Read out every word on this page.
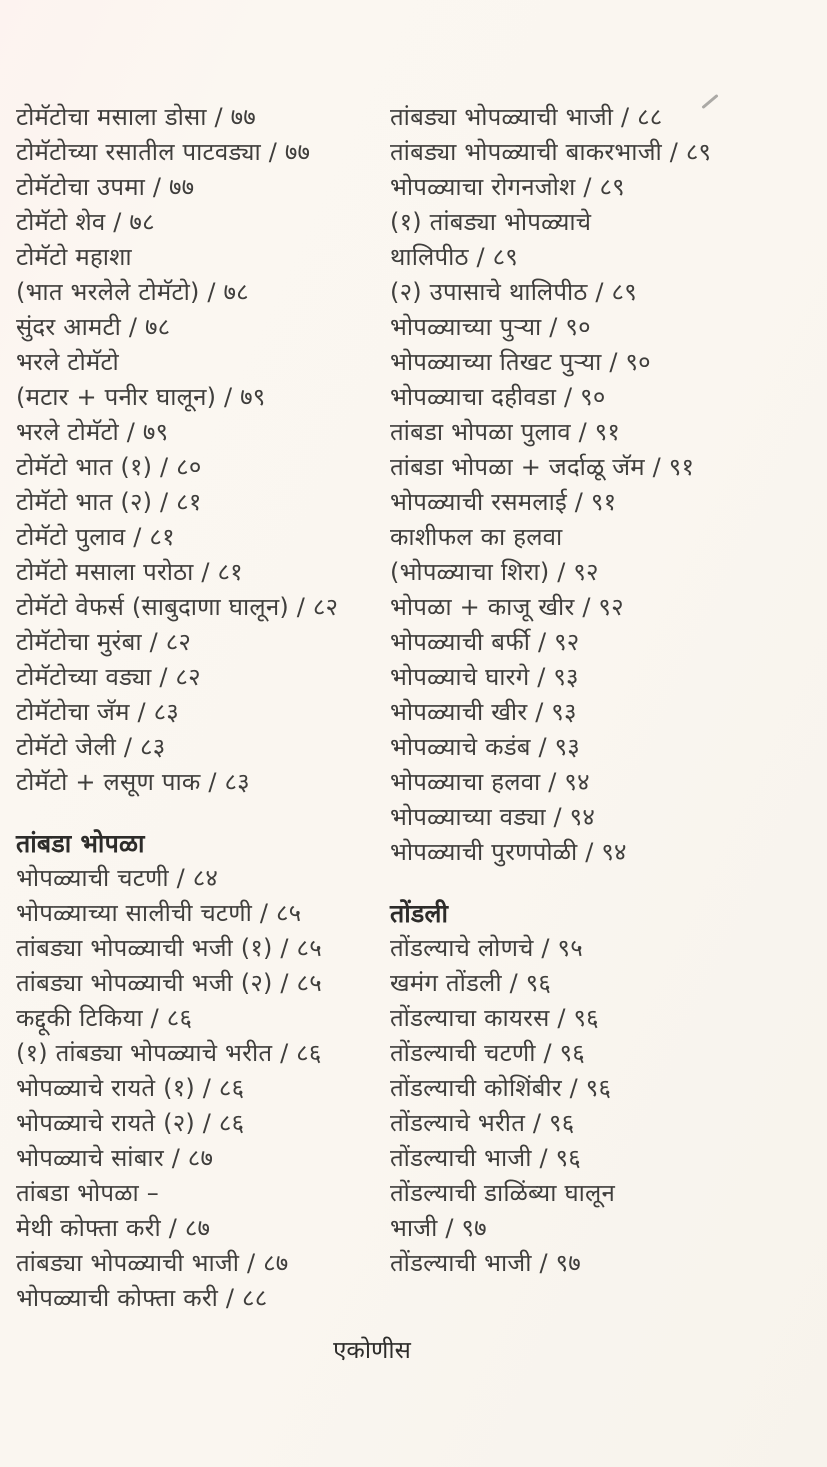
टोमॅटोचा मसाला डोसा / ७७
टोमॅटोच्या रसातील पाटवड्या / ७७
टोमॅटोचा उपमा / ७७
टोमॅटो शेव / ७८
टोमॅटो महाशा
(भात भरलेले टोमॅटो) / ७८
सुंदर आमटी / ७८
भरले टोमॅटो
(मटार + पनीर घालून) / ७९
भरले टोमॅटो / ७९
टोमॅटो भात (१) / ८०
टोमॅटो भात (२) / ८१
टोमॅटो पुलाव / ८१
टोमॅटो मसाला परोठा / ८१
टोमॅटो वेफर्स (साबुदाणा घालून) / ८२
टोमॅटोचा मुरंबा / ८२
टोमॅटोच्या वड्या / ८२
टोमॅटोचा जॅम / ८३
टोमॅटो जेली / ८३
टोमॅटो + लसूण पाक / ८३
तांबडा भोपळा
भोपळ्याची चटणी / ८४
भोपळ्याच्या सालीची चटणी / ८५
तांबड्या भोपळ्याची भजी (१) / ८५
तांबड्या भोपळ्याची भजी (२) / ८५
कद्दूकी टिकिया / ८६
(१) तांबड्या भोपळ्याचे भरीत / ८६
भोपळ्याचे रायते (१) / ८६
भोपळ्याचे रायते (२) / ८६
भोपळ्याचे सांबार / ८७
तांबडा भोपळा –
मेथी कोफ्ता करी / ८७
तांबड्या भोपळ्याची भाजी / ८७
भोपळ्याची कोफ्ता करी / ८८
तांबड्या भोपळ्याची भाजी / ८८
तांबड्या भोपळ्याची बाकरभाजी / ८९
भोपळ्याचा रोगनजोश / ८९
(१) तांबड्या भोपळ्याचे
थालिपीठ / ८९
(२) उपासाचे थालिपीठ / ८९
भोपळ्याच्या पुऱ्या / ९०
भोपळ्याच्या तिखट पुऱ्या / ९०
भोपळ्याचा दहीवडा / ९०
तांबडा भोपळा पुलाव / ९१
तांबडा भोपळा + जर्दाळू जॅम / ९१
भोपळ्याची रसमलाई / ९१
काशीफल का हलवा
(भोपळ्याचा शिरा) / ९२
भोपळा + काजू खीर / ९२
भोपळ्याची बर्फी / ९२
भोपळ्याचे घारगे / ९३
भोपळ्याची खीर / ९३
भोपळ्याचे कडंब / ९३
भोपळ्याचा हलवा / ९४
भोपळ्याच्या वड्या / ९४
भोपळ्याची पुरणपोळी / ९४
तोंडली
तोंडल्याचे लोणचे / ९५
खमंग तोंडली / ९६
तोंडल्याचा कायरस / ९६
तोंडल्याची चटणी / ९६
तोंडल्याची कोशिंबीर / ९६
तोंडल्याचे भरीत / ९६
तोंडल्याची भाजी / ९६
तोंडल्याची डाळिंब्या घालून
भाजी / ९७
तोंडल्याची भाजी / ९७
एकोणीस
